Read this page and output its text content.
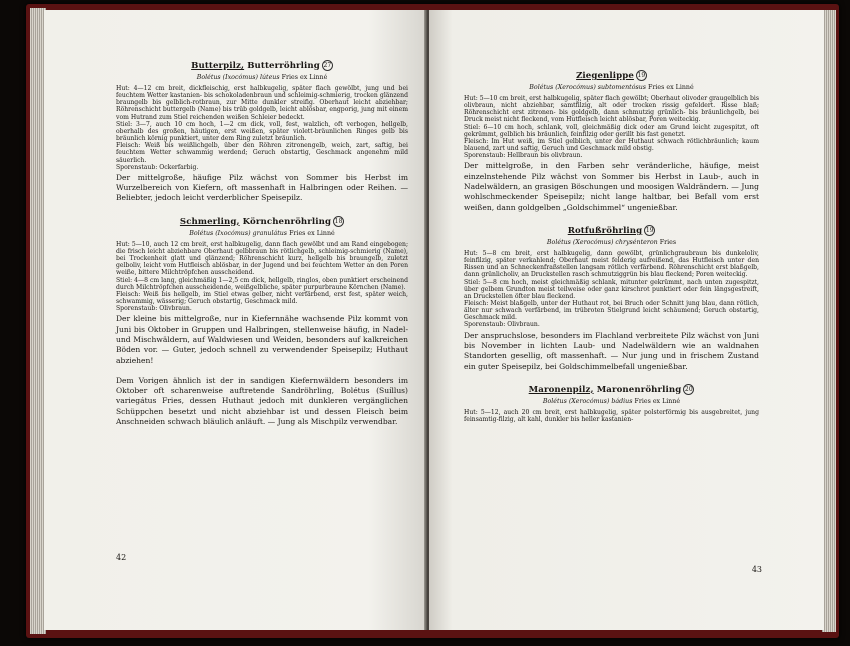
Butterpilz, Butterröhrling 27
Bolétus (Ixocómus) lúteus Fries ex Linné

Hut: 4—12 cm breit, dickfleischig, erst halbkugelig, später flach gewölbt, jung und bei feuchtem Wetter kastanien- bis schokoladenbraun und schleimig-schmierig, trocken glänzend braungelb bis gelblich-rotbraun, zur Mitte dunkler streifig. Oberhaut leicht abziehbar; Röhrenschicht buttergelb (Name) bis trüb goldgelb, leicht ablösbar, engporig, jung mit einem vom Hutrand zum Stiel reichenden weißen Schleier bedeckt.

Stiel: 3—7, auch 10 cm hoch, 1—2 cm dick, voll, fest, walzlich, oft verbogen, hellgelb, oberhalb des großen, häutigen, erst weißen, später violett-bräunlichen Ringes gelb bis bräunlich körnig punktiert, unter dem Ring zuletzt bräunlich.

Fleisch: Weiß bis weißlichgelb, über den Röhren zitronengelb, weich, zart, saftig, bei feuchtem Wetter schwammig werdend; Geruch obstartig, Geschmack angenehm mild säuerlich.

Sporenstaub: Ockerfarbig.

Der mittelgroße, häufige Pilz wächst von Sommer bis Herbst im Wurzelbereich von Kiefern, oft massenhaft in Halbringen oder Reihen. — Beliebter, jedoch leicht verderblicher Speisepilz.

Schmerling, Körnchenröhrling 18
Bolétus (Ixocómus) granulátus Fries ex Linné

Hut: 5—10, auch 12 cm breit, erst halbkugelig, dann flach gewölbt und am Rand eingebogen; die frisch leicht abziehbare Oberhaut gelbbraun bis rötlichgelb, schleimig-schmierig (Name), bei Trockenheit glatt und glänzend; Röhrenschicht kurz, hellgelb bis braungelb, zuletzt gelboliv, leicht vom Hutfleisch ablösbar, in der Jugend und bei feuchtem Wetter an den Poren weiße, bittere Milchtröpfchen ausscheidend.

Stiel: 4—8 cm lang, gleichmäßig 1—2,5 cm dick, hellgelb, ringlos, oben punktiert erscheinend durch Milchtröpfchen ausscheidende, weißgelbliche, später purpurbraune Körnchen (Name).

Fleisch: Weiß bis hellgelb, im Stiel etwas gelber, nicht verfärbend, erst fest, später weich, schwammig, wässerig; Geruch obstartig, Geschmack mild.

Sporenstaub: Olivbraun.

Der kleine bis mittelgroße, nur in Kiefernnähe wachsende Pilz kommt von Juni bis Oktober in Gruppen und Halbringen, stellenweise häufig, in Nadel- und Mischwäldern, auf Waldwiesen und Weiden, besonders auf kalkreichen Böden vor. — Guter, jedoch schnell zu verwendender Speisepilz; Huthaut abziehen!

Dem Vorigen ähnlich ist der in sandigen Kiefernwäldern besonders im Oktober oft scharenweise auftretende Sandröhrling, Bolétus (Suíllus) variegátus Fries, dessen Huthaut jedoch mit dunkleren vergänglichen Schüppchen besetzt und nicht abziehbar ist und dessen Fleisch beim Anschneiden schwach bläulich anläuft. — Jung als Mischpilz verwendbar.

42
Ziegenlippe 19
Bolétus (Xerocómus) subtomentósus Fries ex Linné

Hut: 5—10 cm breit, erst halbkugelig, später flach gewölbt; Oberhaut olivoder graugelblich bis olivbraun, nicht abziehbar, samtfilzig, alt oder trocken rissig gefeldert. Risse blaß; Röhrenschicht erst zitronen- bis goldgelb, dann schmutzig grünlich- bis bräunlichgelb, bei Druck meist nicht fleckend, vom Hutfleisch leicht ablösbar, Poren weiteckig.

Stiel: 6—10 cm hoch, schlank, voll, gleichmäßig dick oder am Grund leicht zugespitzt, oft gekrümmt, gelblich bis bräunlich, feinfilzig oder gerillt bis fast genetzt.

Fleisch: Im Hut weiß, im Stiel gelblich, unter der Huthaut schwach rötlichbräunlich; kaum blauend, zart und saftig, Geruch und Geschmack mild obstig.

Sporenstaub: Hellbraun bis olivbraun.

Der mittelgroße, in den Farben sehr veränderliche, häufige, meist einzelnstehende Pilz wächst von Sommer bis Herbst in Laub-, auch in Nadelwäldern, an grasigen Böschungen und moosigen Waldrändern. — Jung wohlschmeckender Speisepilz; nicht lange haltbar, bei Befall vom erst weißen, dann goldgelben „Goldschimmel“ ungenießbar.

Rotfußröhrling 19
Bolétus (Xerocómus) chrysénteron Fries

Hut: 5—8 cm breit, erst halbkugelig, dann gewölbt, grünlichgraubraun bis dunkeloliv, feinfilzig, später verkahlend; Oberhaut meist felderig aufreißend, das Hutfleisch unter den Rissen und an Schneckenfraßstellen langsam rötlich verfärbend. Röhrenschicht erst blaßgelb, dann grünlicholiv, an Druckstellen rasch schmutziggrün bis blau fleckend; Poren weiteckig.

Stiel: 5—8 cm hoch, meist gleichmäßig schlank, mitunter gekrümmt, nach unten zugespitzt, über gelbem Grundton meist teilweise oder ganz kirschrot punktiert oder fein längsgestreift, an Druckstellen öfter blau fleckend.

Fleisch: Meist blaßgelb, unter der Huthaut rot, bei Bruch oder Schnitt jung blau, dann rötlich, älter nur schwach verfärbend, im trübroten Stielgrund leicht schäumend; Geruch obstartig, Geschmack mild.

Sporenstaub: Olivbraun.

Der anspruchslose, besonders im Flachland verbreitete Pilz wächst von Juni bis November in lichten Laub- und Nadelwäldern wie an waldnahen Standorten gesellig, oft massenhaft. — Nur jung und in frischem Zustand ein guter Speisepilz, bei Goldschimmelbefall ungenießbar.

Maronenpilz, Maronenröhrling 20
Bolétus (Xerocómus) bádius Fries ex Linné

Hut: 5—12, auch 20 cm breit, erst halbkugelig, später polsterförmig bis ausgebreitet, jung feinsamtig-filzig, alt kahl, dunkler bis heller kastanien-

43
